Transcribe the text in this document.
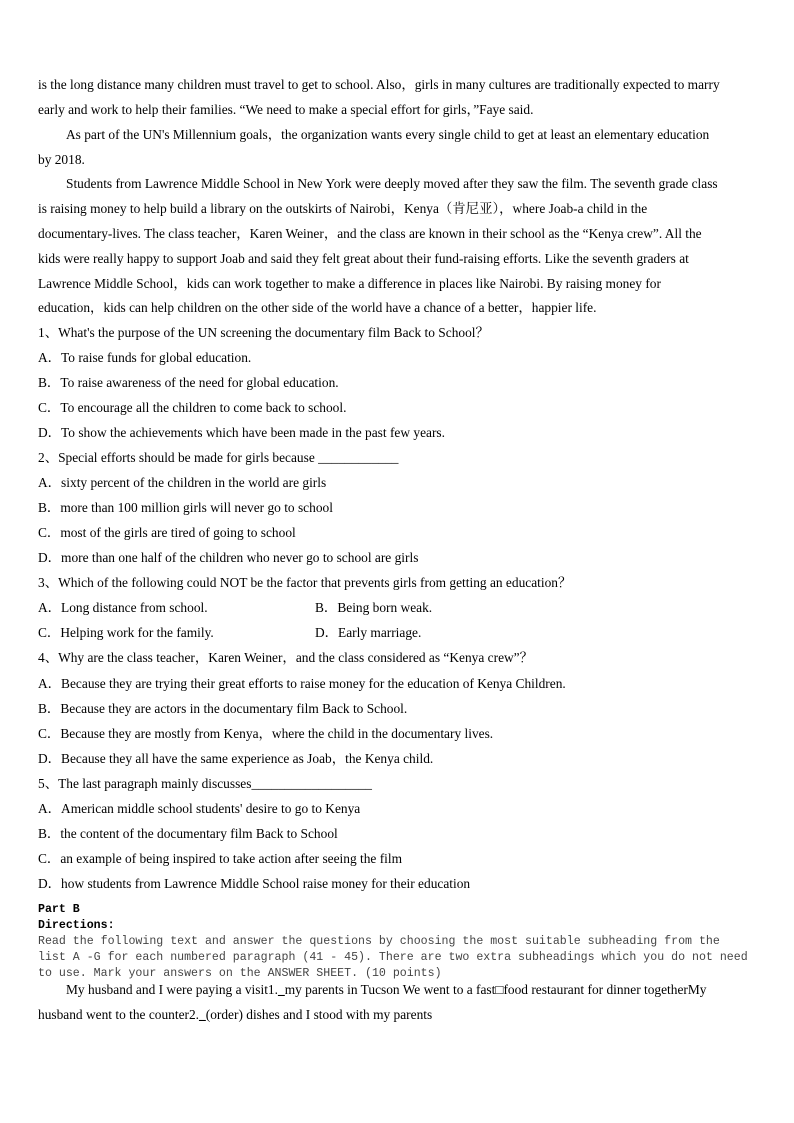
is the long distance many children must travel to get to school. Also，girls in many cultures are traditionally expected to marry
early and work to help their families. “We need to make a special effort for girls，”Faye said.
As part of the UN's Millennium goals，the organization wants every single child to get at least an elementary education
by 2018.
Students from Lawrence Middle School in New York were deeply moved after they saw the film. The seventh grade class
is raising money to help build a library on the outskirts of Nairobi，Kenya（肯尼亚），where Joab-a child in the
documentary-lives. The class teacher，Karen Weiner，and the class are known in their school as the “Kenya crew”. All the
kids were really happy to support Joab and said they felt great about their fund-raising efforts. Like the seventh graders at
Lawrence Middle School，kids can work together to make a difference in places like Nairobi. By raising money for
education，kids can help children on the other side of the world have a chance of a better，happier life.
1、What's the purpose of the UN screening the documentary film Back to School？
A．To raise funds for global education.
B．To raise awareness of the need for global education.
C．To encourage all the children to come back to school.
D．To show the achievements which have been made in the past few years.
2、Special efforts should be made for girls because ____________
A．sixty percent of the children in the world are girls
B．more than 100 million girls will never go to school
C．most of the girls are tired of going to school
D．more than one half of the children who never go to school are girls
3、Which of the following could NOT be the factor that prevents girls from getting an education？
A．Long distance from school.	B．Being born weak.
C．Helping work for the family.	D．Early marriage.
4、Why are the class teacher，Karen Weiner，and the class considered as “Kenya crew”？
A．Because they are trying their great efforts to raise money for the education of Kenya Children.
B．Because they are actors in the documentary film Back to School.
C．Because they are mostly from Kenya，where the child in the documentary lives.
D．Because they all have the same experience as Joab，the Kenya child.
5、The last paragraph mainly discusses__________________
A．American middle school students' desire to go to Kenya
B．the content of the documentary film Back to School
C．an example of being inspired to take action after seeing the film
D．how students from Lawrence Middle School raise money for their education
Part B
Directions:
Read the following text and answer the questions by choosing the most suitable subheading from the
list A -G for each numbered paragraph (41 - 45). There are two extra subheadings which you do not need
to use. Mark your answers on the ANSWER SHEET. (10 points)
My husband and I were paying a visit1._my parents in Tucson We went to a fast□food restaurant for dinner togetherMy
husband went to the counter2._(order) dishes and I stood with my parents
